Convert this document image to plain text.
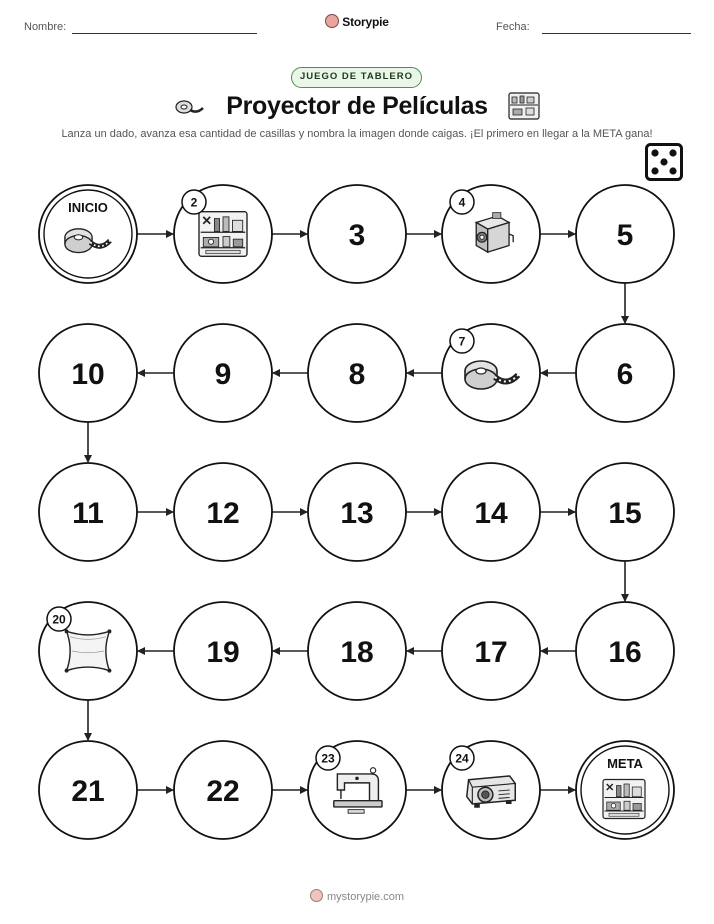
Nombre:	Storypie	Fecha:
JUEGO DE TABLERO
Proyector de Películas
Lanza un dado, avanza esa cantidad de casillas y nombra la imagen donde caigas. ¡El primero en llegar a la META gana!
INICIO	2
3
4
5
6
7
8
9
10
11	12	13	14	15
16
17
18
19
20
21	22
23	24	META
mystorypie.com
